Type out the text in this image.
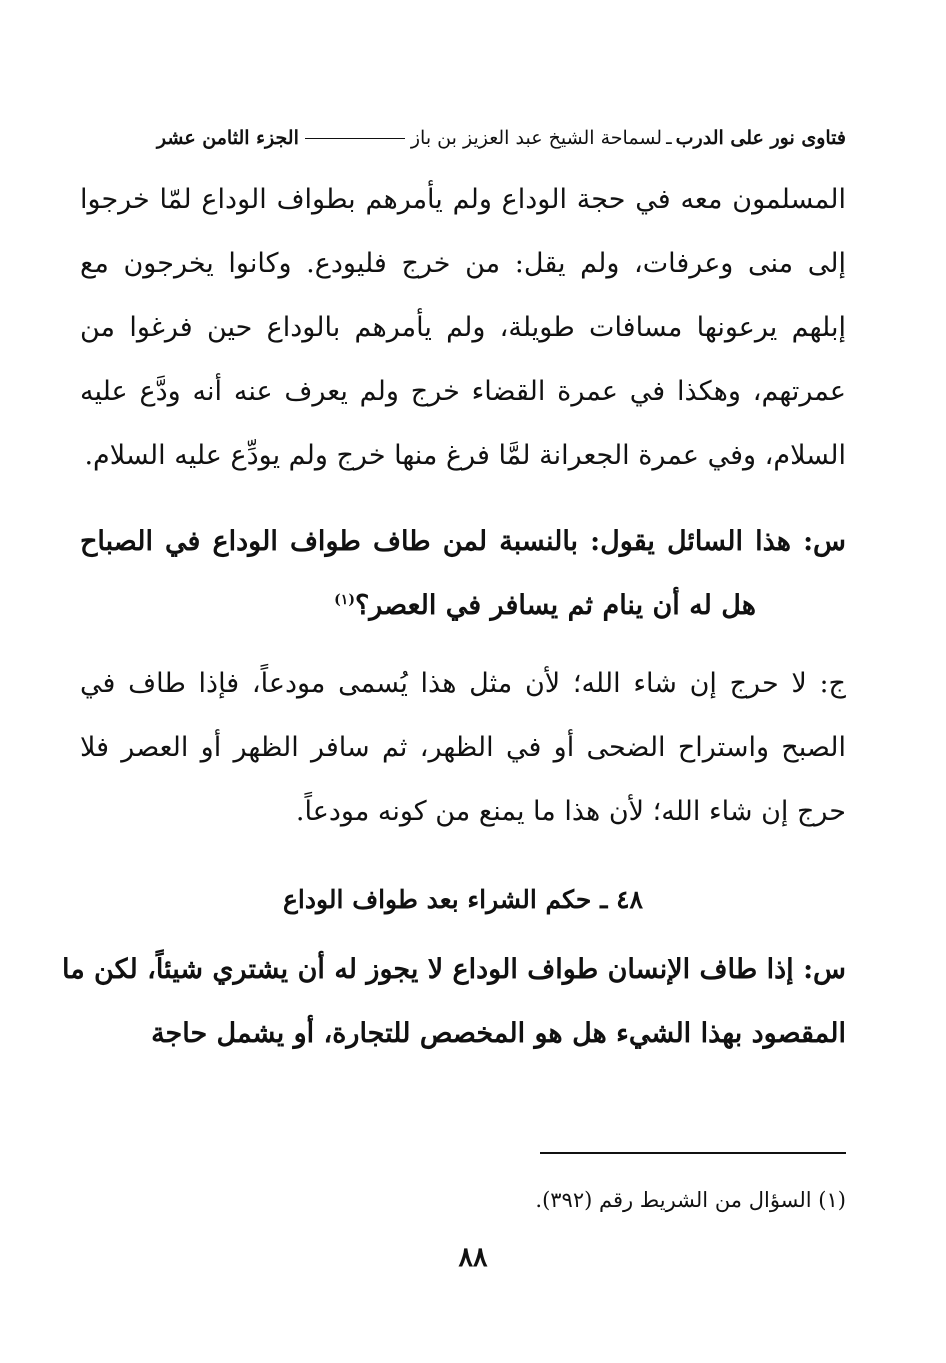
فتاوى نور على الدرب
ـ
لسماحة الشيخ عبد العزيز بن باز
الجزء الثامن عشر
المسلمون معه في حجة الوداع ولم يأمرهم بطواف الوداع لمّا خرجوا
إلى منى وعرفات، ولم يقل: من خرج فليودع. وكانوا يخرجون مع
إبلهم يرعونها مسافات طويلة، ولم يأمرهم بالوداع حين فرغوا من
عمرتهم، وهكذا في عمرة القضاء خرج ولم يعرف عنه أنه ودَّع عليه
السلام، وفي عمرة الجعرانة لمَّا فرغ منها خرج ولم يودِّع عليه السلام.
س: هذا السائل يقول: بالنسبة لمن طاف طواف الوداع في الصباح
هل له أن ينام ثم يسافر في العصر؟$^{(١)}$
ج: لا حرج إن شاء الله؛ لأن مثل هذا يُسمى مودعاً، فإذا طاف في
الصبح واستراح الضحى أو في الظهر، ثم سافر الظهر أو العصر فلا
حرج إن شاء الله؛ لأن هذا ما يمنع من كونه مودعاً.
٤٨ ـ حكم الشراء بعد طواف الوداع
س: إذا طاف الإنسان طواف الوداع لا يجوز له أن يشتري شيئاً، لكن ما
المقصود بهذا الشيء هل هو المخصص للتجارة، أو يشمل حاجة
(١) السؤال من الشريط رقم (٣٩٢).
٨٨
